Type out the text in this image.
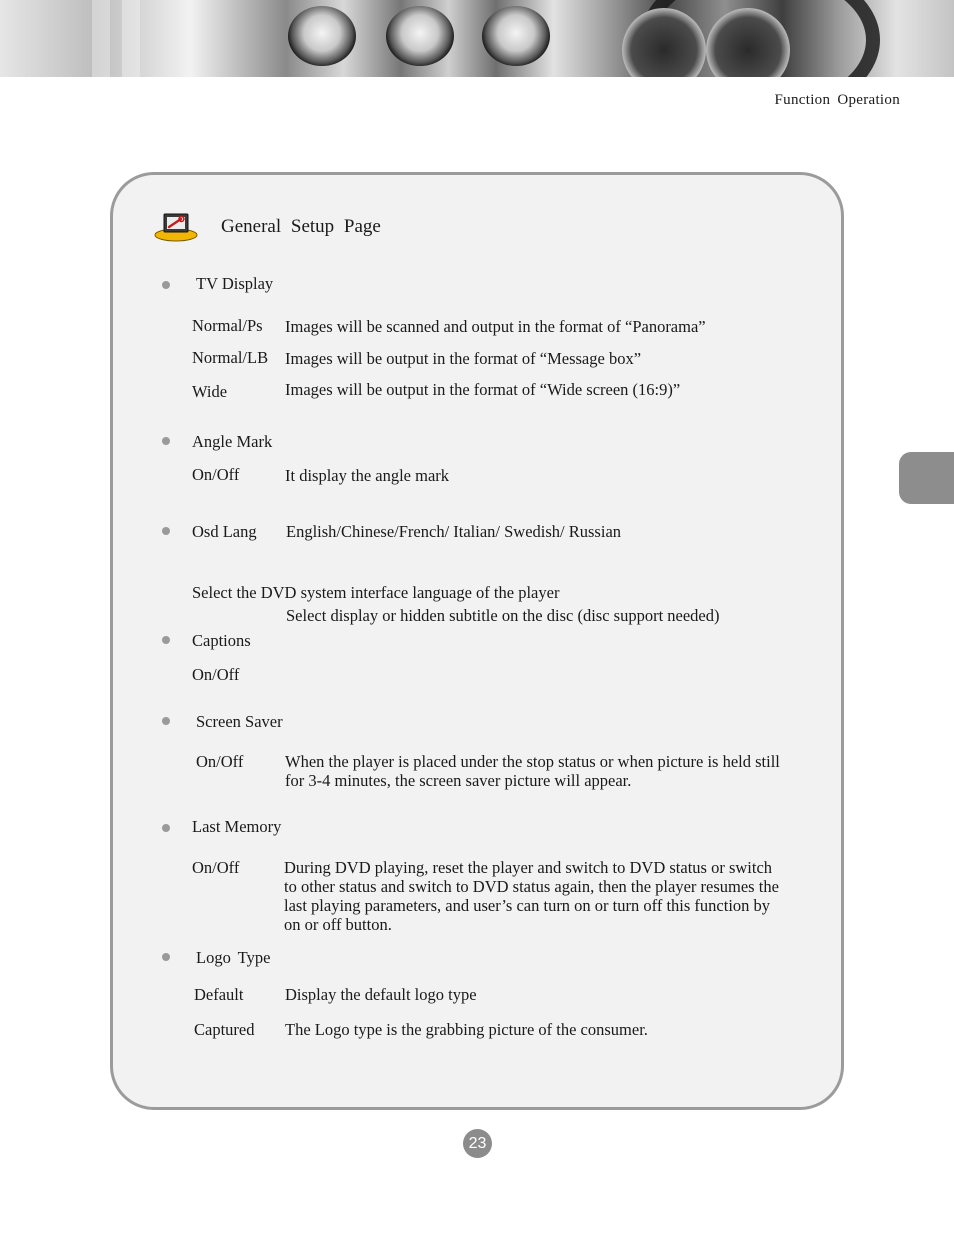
Function Operation
General Setup Page
TV Display
Normal/Ps Images will be scanned and output in the format of “Panorama”
Normal/LB Images will be output in the format of “Message box”
Wide	Images will be output in the format of “Wide screen (16:9)”
Angle Mark
On/Off	It display the angle mark
Osd Lang English/Chinese/French/ Italian/ Swedish/ Russian
Select the DVD system interface language of the player
Select display or hidden subtitle on the disc (disc support needed)
Captions
On/Off
Screen Saver
On/Off	When the player is placed under the stop status or when picture is held still
for 3-4 minutes, the screen saver picture will appear.
Last Memory
On/Off	During DVD playing, reset the player and switch to DVD status or switch
to other status and switch to DVD status again, then the player resumes the
last playing parameters, and user’s can turn on or turn off this function by
on or off button.
Logo Type
Default	Display the default logo type
Captured The Logo type is the grabbing picture of the consumer.
23
